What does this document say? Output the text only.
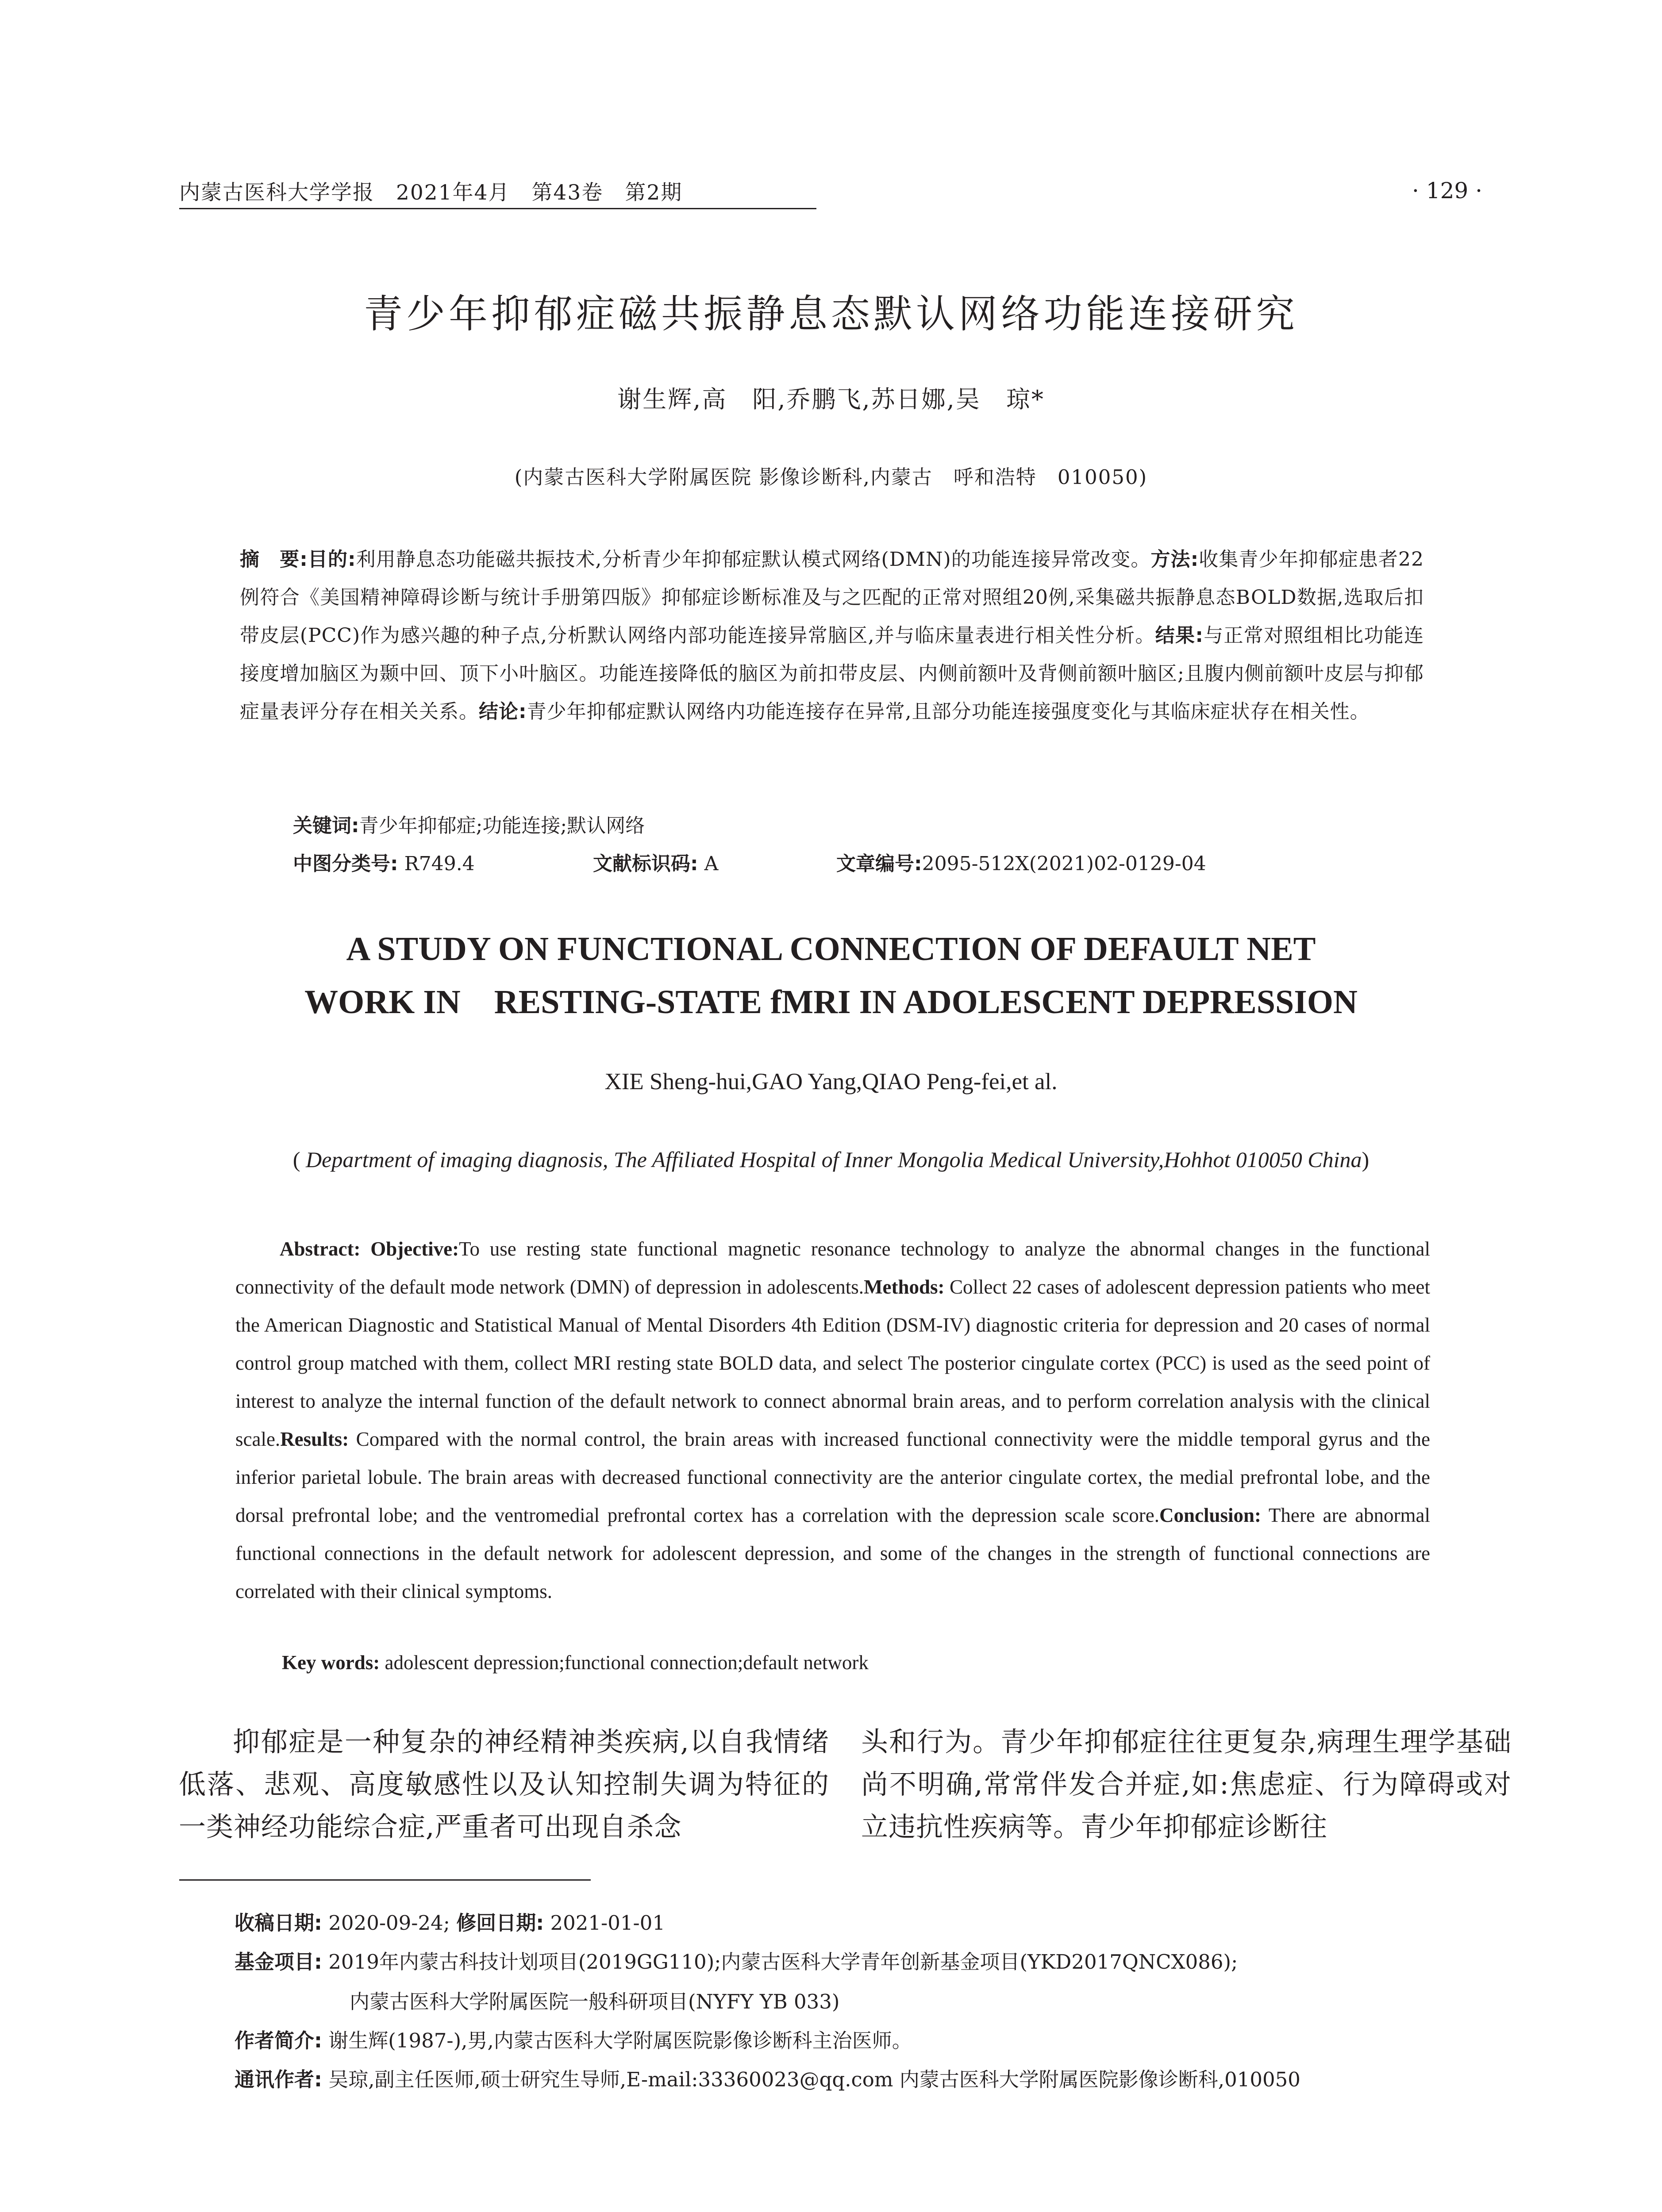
内蒙古医科大学学报　 2021年4月　第43卷　第2期	· 129 ·
青少年抑郁症磁共振静息态默认网络功能连接研究
谢生辉,高　阳,乔鹏飞,苏日娜,吴　琼*
(内蒙古医科大学附属医院 影像诊断科,内蒙古　呼和浩特　010050)
摘　要:目的:利用静息态功能磁共振技术,分析青少年抑郁症默认模式网络(DMN)的功能连接异常改变。方法:收集青少年抑郁症患者22例符合《美国精神障碍诊断与统计手册第四版》抑郁症诊断标准及与之匹配的正常对照组20例,采集磁共振静息态BOLD数据,选取后扣带皮层(PCC)作为感兴趣的种子点,分析默认网络内部功能连接异常脑区,并与临床量表进行相关性分析。结果:与正常对照组相比功能连接度增加脑区为颞中回、顶下小叶脑区。功能连接降低的脑区为前扣带皮层、内侧前额叶及背侧前额叶脑区;且腹内侧前额叶皮层与抑郁症量表评分存在相关关系。结论:青少年抑郁症默认网络内功能连接存在异常,且部分功能连接强度变化与其临床症状存在相关性。
关键词:青少年抑郁症;功能连接;默认网络
中图分类号: R749.4	文献标识码: A	文章编号:2095-512X(2021)02-0129-04
A STUDY ON FUNCTIONAL CONNECTION OF DEFAULT NET
WORK IN　RESTING-STATE fMRI IN ADOLESCENT DEPRESSION
XIE Sheng-hui,GAO Yang,QIAO Peng-fei,et al.
( Department of imaging diagnosis, The Affiliated Hospital of Inner Mongolia Medical University,Hohhot 010050 China)
Abstract: Objective:To use resting state functional magnetic resonance technology to analyze the abnormal changes in the functional connectivity of the default mode network (DMN) of depression in adolescents.Methods: Collect 22 cases of adolescent depression patients who meet the American Diagnostic and Statistical Manual of Mental Disorders 4th Edition (DSM-IV) diagnostic criteria for depression and 20 cases of normal control group matched with them, collect MRI resting state BOLD data, and select The posterior cingulate cortex (PCC) is used as the seed point of interest to analyze the internal function of the default network to connect abnormal brain areas, and to perform correlation analysis with the clinical scale.Results: Compared with the normal control, the brain areas with increased functional connectivity were the middle temporal gyrus and the inferior parietal lobule. The brain areas with decreased functional connectivity are the anterior cingulate cortex, the medial prefrontal lobe, and the dorsal prefrontal lobe; and the ventromedial prefrontal cortex has a correlation with the depression scale score.Conclusion: There are abnormal functional connections in the default network for adolescent depression, and some of the changes in the strength of functional connections are correlated with their clinical symptoms.
Key words: adolescent depression;functional connection;default network
抑郁症是一种复杂的神经精神类疾病,以自我情绪低落、悲观、高度敏感性以及认知控制失调为特征的一类神经功能综合症,严重者可出现自杀念
头和行为。青少年抑郁症往往更复杂,病理生理学基础尚不明确,常常伴发合并症,如:焦虑症、行为障碍或对立违抗性疾病等。青少年抑郁症诊断往
收稿日期: 2020-09-24; 修回日期: 2021-01-01
基金项目: 2019年内蒙古科技计划项目(2019GG110);内蒙古医科大学青年创新基金项目(YKD2017QNCX086);
内蒙古医科大学附属医院一般科研项目(NYFY YB 033)
作者简介: 谢生辉(1987-),男,内蒙古医科大学附属医院影像诊断科主治医师。
通讯作者: 吴琼,副主任医师,硕士研究生导师,E-mail:33360023@qq.com 内蒙古医科大学附属医院影像诊断科,010050
